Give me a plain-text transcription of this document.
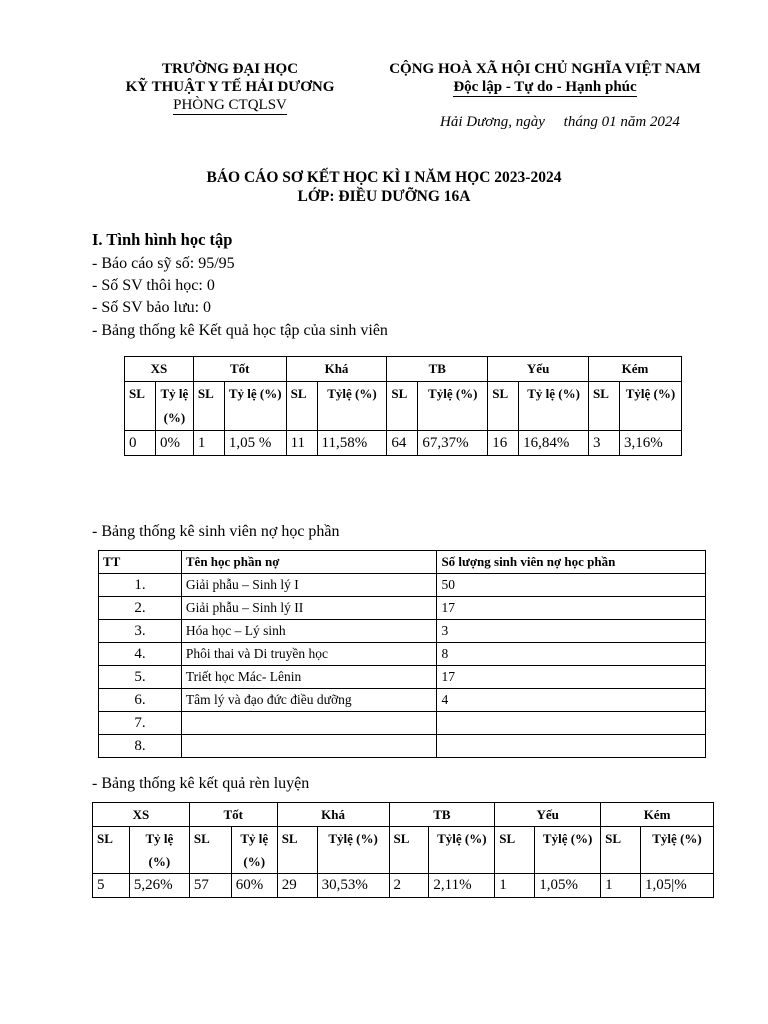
TRƯỜNG ĐẠI HỌC
KỸ THUẬT Y TẾ HẢI DƯƠNG
PHÒNG CTQLSV
CỘNG HOÀ XÃ HỘI CHỦ NGHĨA VIỆT NAM
Độc lập - Tự do - Hạnh phúc
Hải Dương, ngày     tháng 01 năm 2024
BÁO CÁO SƠ KẾT HỌC KÌ I NĂM HỌC 2023-2024
LỚP: ĐIỀU DƯỠNG 16A
I. Tình hình học tập
- Báo cáo sỹ số: 95/95
- Số SV thôi học: 0
- Số SV bảo lưu: 0
- Bảng thống kê Kết quả học tập của sinh viên
XS		Tốt		Khá		TB		Yếu		Kém	
SL	Tỷ lệ (%)	SL	Tỷ lệ (%)	SL	Tỷlệ (%)	SL	Tỷlệ (%)	SL	Tỷ lệ (%)	SL	Tỷlệ (%)
0	0%	1	1,05 %	11	11,58%	64	67,37%	16	16,84%	3	3,16%
- Bảng thống kê sinh viên nợ học phần
TT	Tên học phần nợ	Số lượng sinh viên nợ học phần
1.	Giải phẫu – Sinh lý I	50
2.	Giải phẫu – Sinh lý II	17
3.	Hóa học – Lý sinh	3
4.	Phôi thai và Di truyền học	8
5.	Triết học Mác- Lênin	17
6.	Tâm lý và đạo đức điều dưỡng	4
7.		
8.		
- Bảng thống kê kết quả rèn luyện
XS		Tốt		Khá		TB		Yếu		Kém	
SL	Tỷ lệ (%)	SL	Tỷ lệ (%)	SL	Tỷlệ (%)	SL	Tỷlệ (%)	SL	Tỷlệ (%)	SL	Tỷlệ (%)
5	5,26%	57	60%	29	30,53%	2	2,11%	1	1,05%	1	1,05|%
